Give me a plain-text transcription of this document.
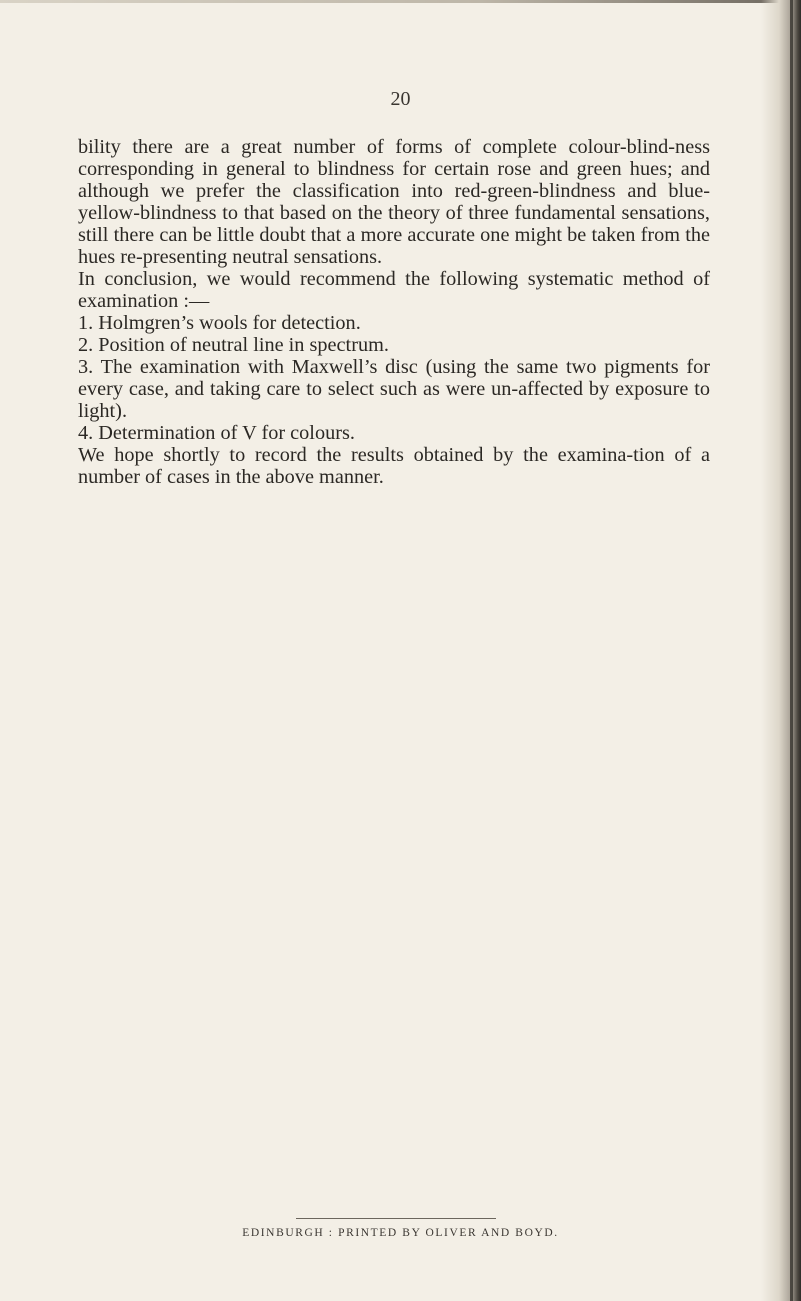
20

bility there are a great number of forms of complete colour-blind-ness corresponding in general to blindness for certain rose and green hues; and although we prefer the classification into red-green-blindness and blue-yellow-blindness to that based on the theory of three fundamental sensations, still there can be little doubt that a more accurate one might be taken from the hues re-presenting neutral sensations.

In conclusion, we would recommend the following systematic method of examination :—

1. Holmgren’s wools for detection.

2. Position of neutral line in spectrum.

3. The examination with Maxwell’s disc (using the same two pigments for every case, and taking care to select such as were un-affected by exposure to light).

4. Determination of V for colours.

We hope shortly to record the results obtained by the examina-tion of a number of cases in the above manner.

EDINBURGH : PRINTED BY OLIVER AND BOYD.
